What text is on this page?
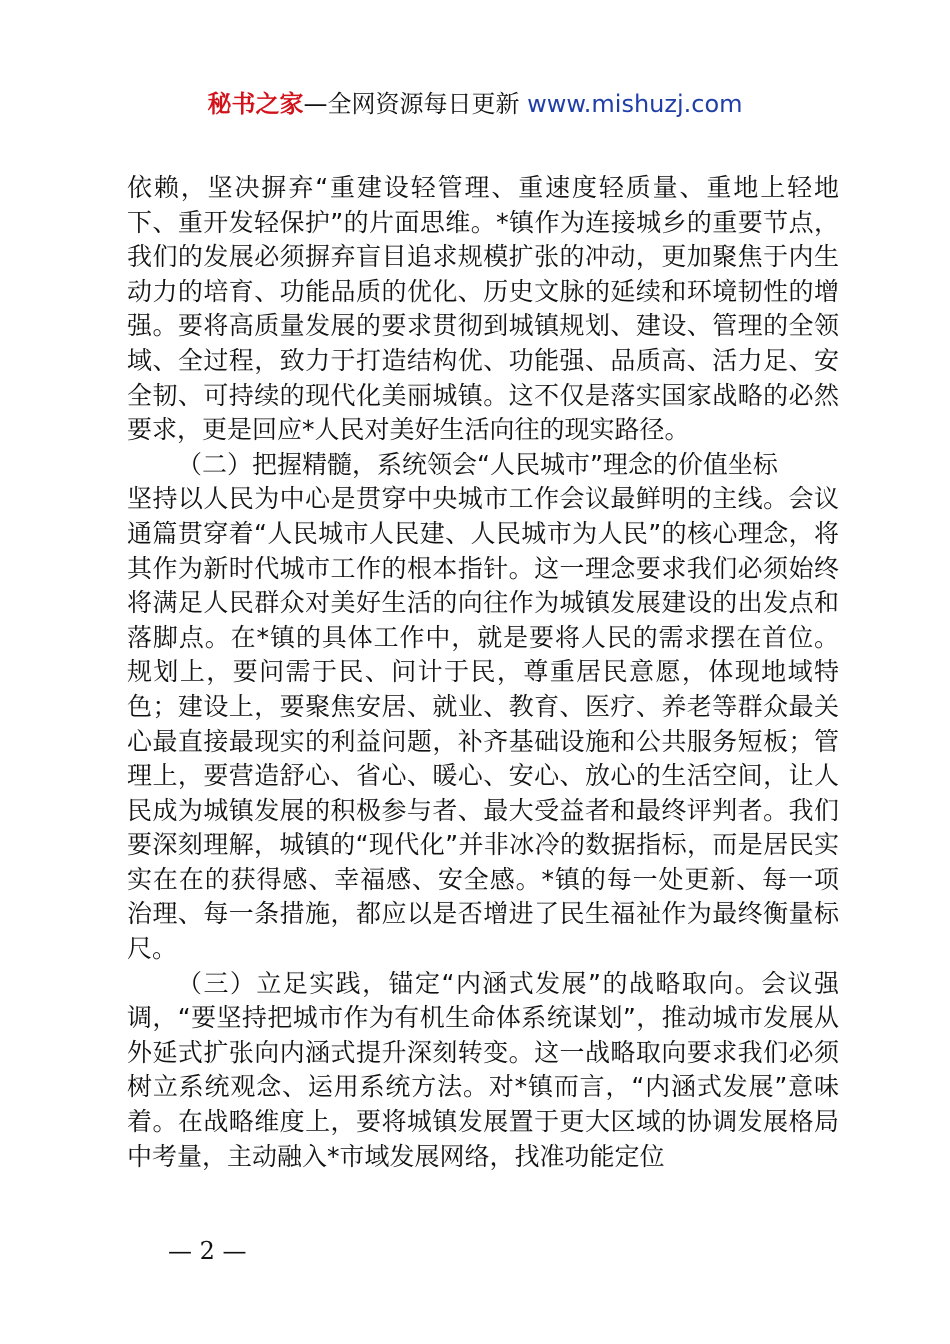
秘书之家—全网资源每日更新 www.mishuzj.com

依赖，坚决摒弃“重建设轻管理、重速度轻质量、重地上轻地下、重开发轻保护”的片面思维。*镇作为连接城乡的重要节点，我们的发展必须摒弃盲目追求规模扩张的冲动，更加聚焦于内生动力的培育、功能品质的优化、历史文脉的延续和环境韧性的增强。要将高质量发展的要求贯彻到城镇规划、建设、管理的全领域、全过程，致力于打造结构优、功能强、品质高、活力足、安全韧、可持续的现代化美丽城镇。这不仅是落实国家战略的必然要求，更是回应*人民对美好生活向往的现实路径。

（二）把握精髓，系统领会“人民城市”理念的价值坐标

坚持以人民为中心是贯穿中央城市工作会议最鲜明的主线。会议通篇贯穿着“人民城市人民建、人民城市为人民”的核心理念，将其作为新时代城市工作的根本指针。这一理念要求我们必须始终将满足人民群众对美好生活的向往作为城镇发展建设的出发点和落脚点。在*镇的具体工作中，就是要将人民的需求摆在首位。规划上，要问需于民、问计于民，尊重居民意愿，体现地域特色；建设上，要聚焦安居、就业、教育、医疗、养老等群众最关心最直接最现实的利益问题，补齐基础设施和公共服务短板；管理上，要营造舒心、省心、暖心、安心、放心的生活空间，让人民成为城镇发展的积极参与者、最大受益者和最终评判者。我们要深刻理解，城镇的“现代化”并非冰冷的数据指标，而是居民实实在在的获得感、幸福感、安全感。*镇的每一处更新、每一项治理、每一条措施，都应以是否增进了民生福祉作为最终衡量标尺。

（三）立足实践，锚定“内涵式发展”的战略取向。会议强调，“要坚持把城市作为有机生命体系统谋划”，推动城市发展从外延式扩张向内涵式提升深刻转变。这一战略取向要求我们必须树立系统观念、运用系统方法。对*镇而言，“内涵式发展”意味着。在战略维度上，要将城镇发展置于更大区域的协调发展格局中考量，主动融入*市域发展网络，找准功能定位

— 2 —
